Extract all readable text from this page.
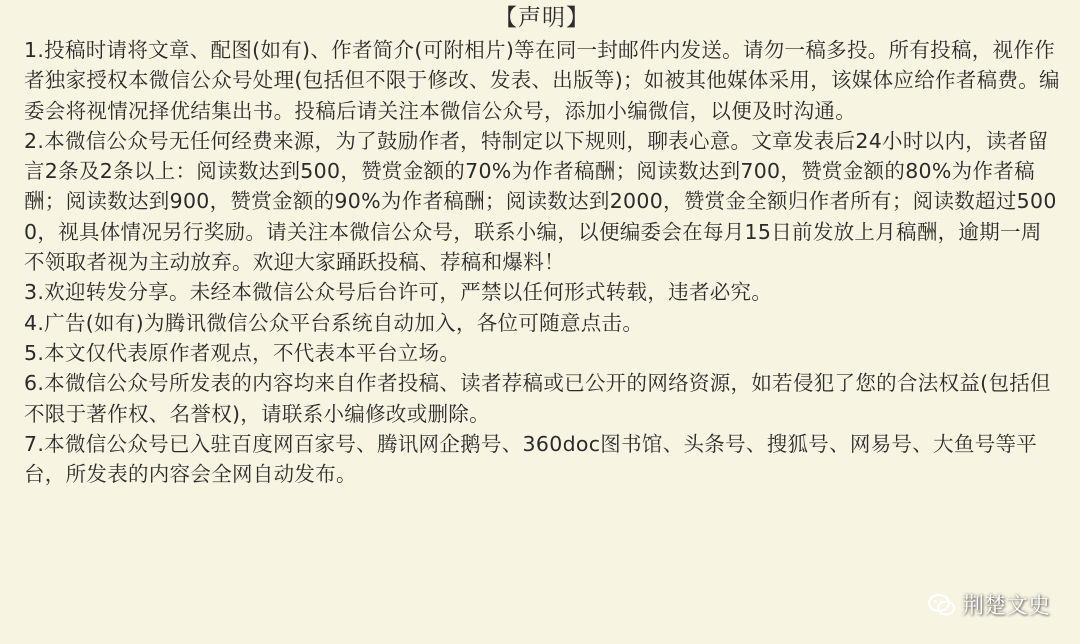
【声明】

1.投稿时请将文章、配图(如有)、作者简介(可附相片)等在同一封邮件内发送。请勿一稿多投。所有投稿，视作作者独家授权本微信公众号处理(包括但不限于修改、发表、出版等)；如被其他媒体采用，该媒体应给作者稿费。编委会将视情况择优结集出书。投稿后请关注本微信公众号，添加小编微信，以便及时沟通。

2.本微信公众号无任何经费来源，为了鼓励作者，特制定以下规则，聊表心意。文章发表后24小时以内，读者留言2条及2条以上：阅读数达到500，赞赏金额的70%为作者稿酬；阅读数达到700，赞赏金额的80%为作者稿酬；阅读数达到900，赞赏金额的90%为作者稿酬；阅读数达到2000，赞赏金全额归作者所有；阅读数超过5000，视具体情况另行奖励。请关注本微信公众号，联系小编，以便编委会在每月15日前发放上月稿酬，逾期一周不领取者视为主动放弃。欢迎大家踊跃投稿、荐稿和爆料！

3.欢迎转发分享。未经本微信公众号后台许可，严禁以任何形式转载，违者必究。

4.广告(如有)为腾讯微信公众平台系统自动加入，各位可随意点击。

5.本文仅代表原作者观点，不代表本平台立场。

6.本微信公众号所发表的内容均来自作者投稿、读者荐稿或已公开的网络资源，如若侵犯了您的合法权益(包括但不限于著作权、名誉权)，请联系小编修改或删除。

7.本微信公众号已入驻百度网百家号、腾讯网企鹅号、360doc图书馆、头条号、搜狐号、网易号、大鱼号等平台，所发表的内容会全网自动发布。

荆楚文史
